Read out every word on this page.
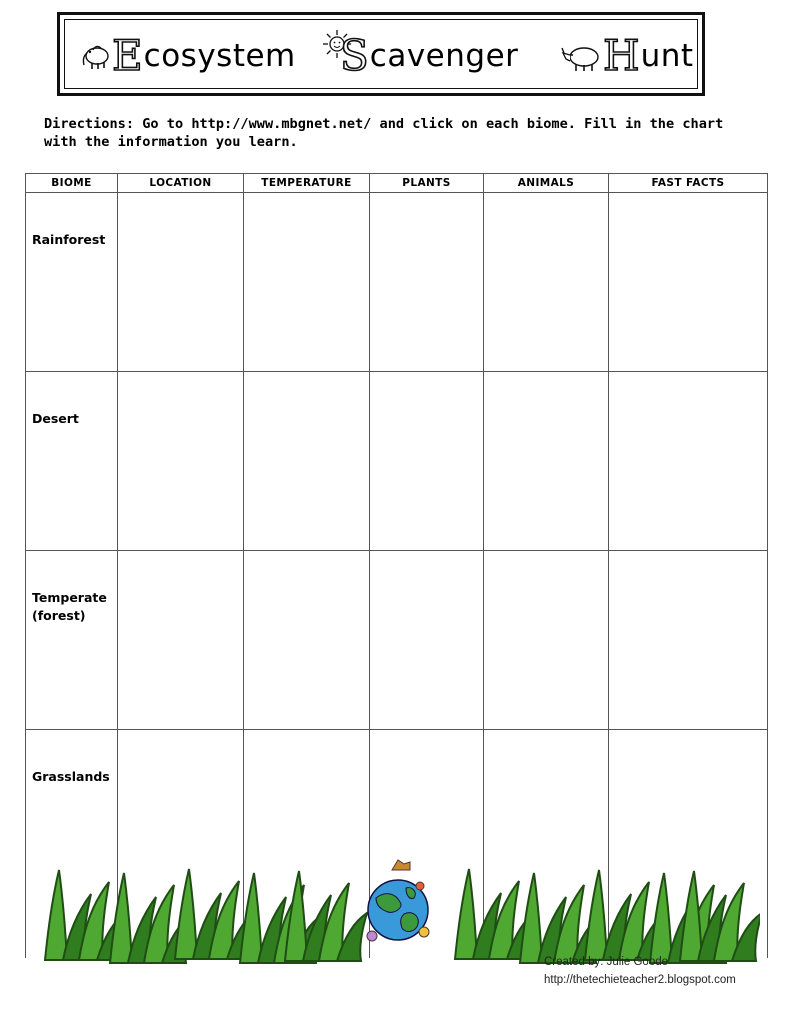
E cosystem S cavenger H unt
Directions: Go to http://www.mbgnet.net/ and click on each biome. Fill in the chart with the information you learn.
BIOME	LOCATION	TEMPERATURE	PLANTS	ANIMALS	FAST FACTS

Rainforest					

Desert					

Temperate
(forest)					

Grasslands					

Created by: Julie Goode
http://thetechieteacher2.blogspot.com
